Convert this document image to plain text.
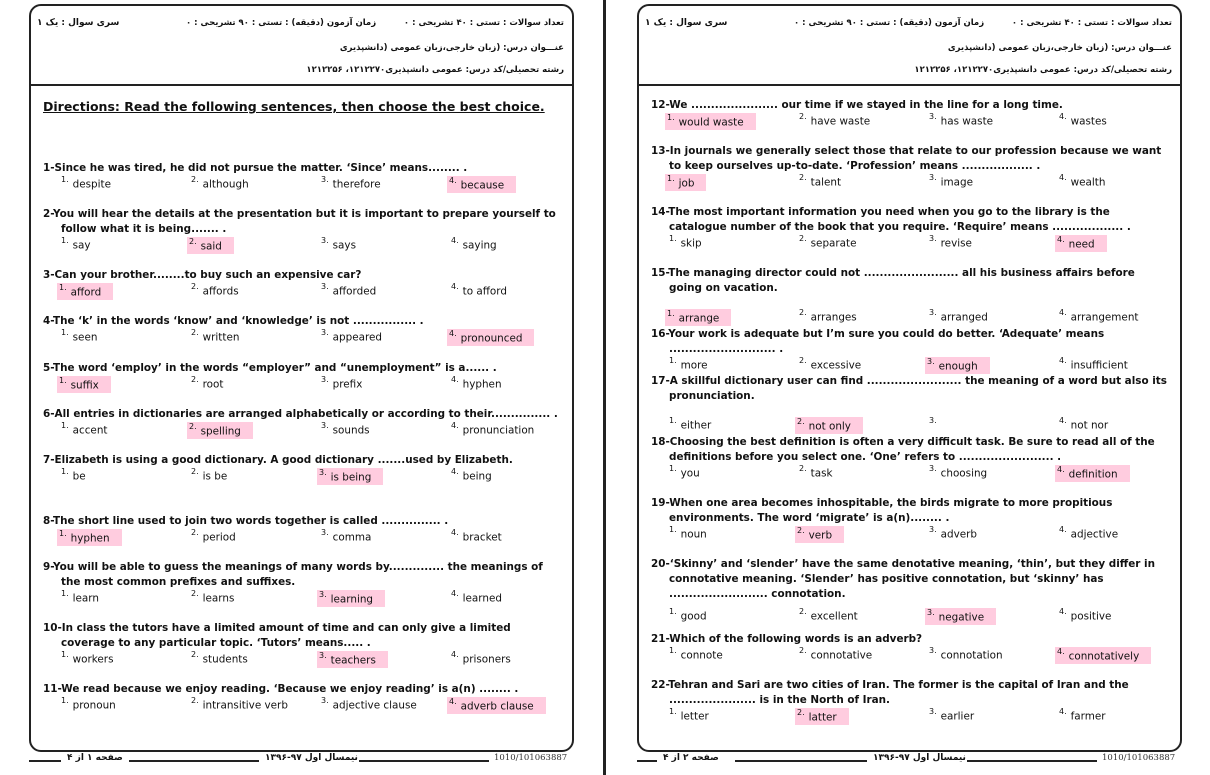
تعداد سوالات : تستی : ۴۰ تشریحی : ۰
زمان آزمون (دقیقه) : تستی : ۹۰ تشریحی : ۰
سری سوال : یک ۱
عنـــوان درس: (زبان خارجی،زبان عمومی (دانشپذیری
رشته تحصیلی/کد درس: عمومی دانشپذیری۱۲۱۲۲۷۰، ۱۲۱۲۲۵۶
Directions: Read the following sentences, then choose the best choice.
1-Since he was tired, he did not pursue the matter. ‘Since’ means........ .
$^{1.}$ despite	$^{2.}$ although	$^{3.}$ therefore	$^{4.}$ because
2-You will hear the details at the presentation but it is important to prepare yourself to follow what it is being....... .
$^{1.}$ say	$^{2.}$ said	$^{3.}$ says	$^{4.}$ saying
3-Can your brother........to buy such an expensive car?
$^{1.}$ afford	$^{2.}$ affords	$^{3.}$ afforded	$^{4.}$ to afford
4-The ‘k’ in the words ‘know’ and ‘knowledge’ is not ................ .
$^{1.}$ seen	$^{2.}$ written	$^{3.}$ appeared	$^{4.}$ pronounced
5-The word ‘employ’ in the words “employer” and “unemployment” is a...... .
$^{1.}$ suffix	$^{2.}$ root	$^{3.}$ prefix	$^{4.}$ hyphen
6-All entries in dictionaries are arranged alphabetically or according to their............... .
$^{1.}$ accent	$^{2.}$ spelling	$^{3.}$ sounds	$^{4.}$ pronunciation
7-Elizabeth is using a good dictionary. A good dictionary .......used by Elizabeth.
$^{1.}$ be	$^{2.}$ is be	$^{3.}$ is being	$^{4.}$ being
8-The short line used to join two words together is called ............... .
$^{1.}$ hyphen	$^{2.}$ period	$^{3.}$ comma	$^{4.}$ bracket
9-You will be able to guess the meanings of many words by.............. the meanings of the most common prefixes and suffixes.
$^{1.}$ learn	$^{2.}$ learns	$^{3.}$ learning	$^{4.}$ learned
10-In class the tutors have a limited amount of time and can only give a limited coverage to any particular topic. ‘Tutors’ means..... .
$^{1.}$ workers	$^{2.}$ students	$^{3.}$ teachers	$^{4.}$ prisoners
11-We read because we enjoy reading. ‘Because we enjoy reading’ is a(n) ........ .
$^{1.}$ pronoun	$^{2.}$ intransitive verb	$^{3.}$ adjective clause	$^{4.}$ adverb clause
صفحه ۱ از ۴	نیمسال اول ۹۷-۱۳۹۶	1010/101063887
تعداد سوالات : تستی : ۴۰ تشریحی : ۰
زمان آزمون (دقیقه) : تستی : ۹۰ تشریحی : ۰
سری سوال : یک ۱
عنـــوان درس: (زبان خارجی،زبان عمومی (دانشپذیری
رشته تحصیلی/کد درس: عمومی دانشپذیری۱۲۱۲۲۷۰، ۱۲۱۲۲۵۶
12-We ...................... our time if we stayed in the line for a long time.
$^{1.}$ would waste	$^{2.}$ have waste	$^{3.}$ has waste	$^{4.}$ wastes
13-In journals we generally select those that relate to our profession because we want to keep ourselves up-to-date. ‘Profession’ means .................. .
$^{1.}$ job	$^{2.}$ talent	$^{3.}$ image	$^{4.}$ wealth
14-The most important information you need when you go to the library is the catalogue number of the book that you require. ‘Require’ means .................. .
$^{1.}$ skip	$^{2.}$ separate	$^{3.}$ revise	$^{4.}$ need
15-The managing director could not ........................ all his business affairs before going on vacation.
$^{1.}$ arrange	$^{2.}$ arranges	$^{3.}$ arranged	$^{4.}$ arrangement
16-Your work is adequate but I’m sure you could do better. ‘Adequate’ means ........................... .
$^{1.}$ more	$^{2.}$ excessive	$^{3.}$ enough	$^{4.}$ insufficient
17-A skillful dictionary user can find ........................ the meaning of a word but also its pronunciation.
$^{1.}$ either	$^{2.}$ not only	$^{3.}$	$^{4.}$ not nor
18-Choosing the best definition is often a very difficult task. Be sure to read all of the definitions before you select one. ‘One’ refers to ........................ .
$^{1.}$ you	$^{2.}$ task	$^{3.}$ choosing	$^{4.}$ definition
19-When one area becomes inhospitable, the birds migrate to more propitious environments. The word ‘migrate’ is a(n)........ .
$^{1.}$ noun	$^{2.}$ verb	$^{3.}$ adverb	$^{4.}$ adjective
20-‘Skinny’ and ‘slender’ have the same denotative meaning, ‘thin’, but they differ in connotative meaning. ‘Slender’ has positive connotation, but ‘skinny’ has ......................... connotation.
$^{1.}$ good	$^{2.}$ excellent	$^{3.}$ negative	$^{4.}$ positive
21-Which of the following words is an adverb?
$^{1.}$ connote	$^{2.}$ connotative	$^{3.}$ connotation	$^{4.}$ connotatively
22-Tehran and Sari are two cities of Iran. The former is the capital of Iran and the ...................... is in the North of Iran.
$^{1.}$ letter	$^{2.}$ latter	$^{3.}$ earlier	$^{4.}$ farmer
صفحه ۲ از ۴	نیمسال اول ۹۷-۱۳۹۶	1010/101063887
